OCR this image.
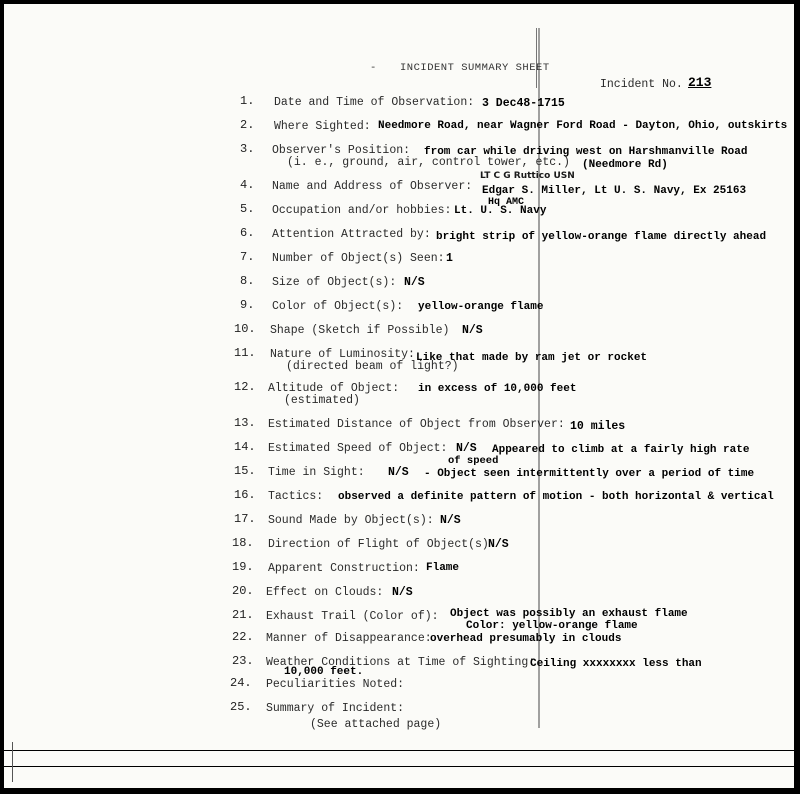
- INCIDENT SUMMARY SHEET
Incident No. 213
1. Date and Time of Observation: 3 Dec48-1715
2. Where Sighted: Needmore Road, near Wagner Ford Road - Dayton, Ohio, outskirts
3. Observer's Position:
(i. e., ground, air, control tower, etc.)
from car while driving west on Harshmanville Road
(Needmore Rd)
4. Name and Address of Observer:
LT C G Ruttico USN
Edgar S. Miller, Lt U. S. Navy, Ex 25163
Hq AMC
5. Occupation and/or hobbies: Lt. U. S. Navy
6. Attention Attracted by: bright strip of yellow-orange flame directly ahead
7. Number of Object(s) Seen: 1
8. Size of Object(s): N/S
9. Color of Object(s): yellow-orange flame
10. Shape (Sketch if Possible) N/S
11. Nature of Luminosity:
(directed beam of light?)
Like that made by ram jet or rocket
12. Altitude of Object:
(estimated)
in excess of 10,000 feet
13. Estimated Distance of Object from Observer: 10 miles
14. Estimated Speed of Object: N/S Appeared to climb at a fairly high rate
of speed
15. Time in Sight: N/S - Object seen intermittently over a period of time
16. Tactics: observed a definite pattern of motion - both horizontal & vertical
17. Sound Made by Object(s): N/S
18. Direction of Flight of Object(s) N/S
19. Apparent Construction: Flame
20. Effect on Clouds: N/S
21. Exhaust Trail (Color of): Object was possibly an exhaust flame
Color: yellow-orange flame
22. Manner of Disappearance:
overhead presumably in clouds
23. Weather Conditions at Time of Sighting:
Ceiling xxxxxxxx less than
10,000 feet.
24. Peculiarities Noted:
25. Summary of Incident:
(See attached page)
